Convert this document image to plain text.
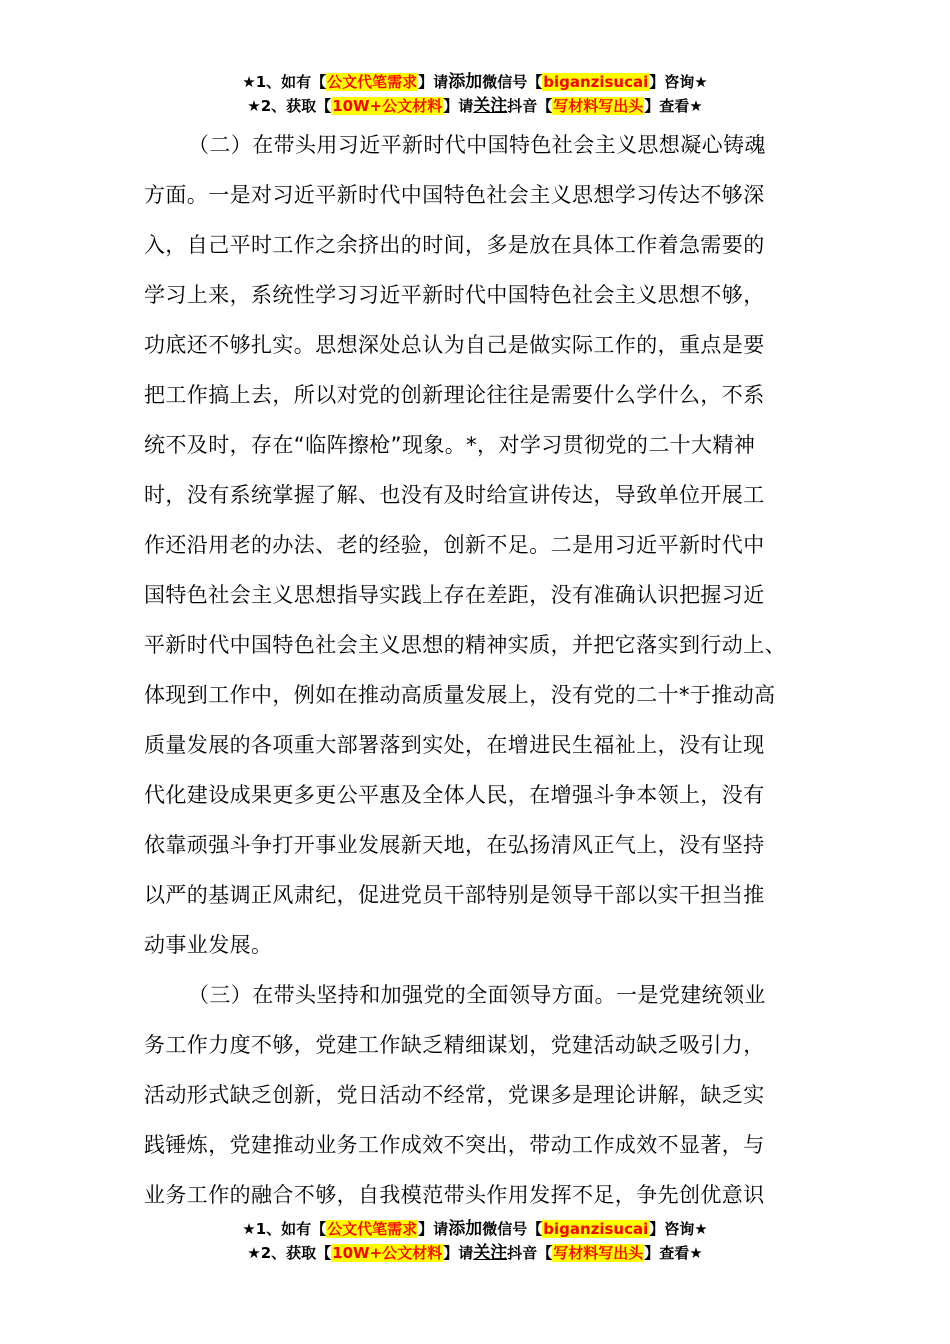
★1、如有【公文代笔需求】请添加微信号【biganzisucai】咨询★
★2、获取【10W+公文材料】请关注抖音【写材料写出头】查看★
（二）在带头用习近平新时代中国特色社会主义思想凝心铸魂
方面。一是对习近平新时代中国特色社会主义思想学习传达不够深
入，自己平时工作之余挤出的时间，多是放在具体工作着急需要的
学习上来，系统性学习习近平新时代中国特色社会主义思想不够，
功底还不够扎实。思想深处总认为自己是做实际工作的，重点是要
把工作搞上去，所以对党的创新理论往往是需要什么学什么，不系
统不及时，存在“临阵擦枪”现象。*，对学习贯彻党的二十大精神
时，没有系统掌握了解、也没有及时给宣讲传达，导致单位开展工
作还沿用老的办法、老的经验，创新不足。二是用习近平新时代中
国特色社会主义思想指导实践上存在差距，没有准确认识把握习近
平新时代中国特色社会主义思想的精神实质，并把它落实到行动上、
体现到工作中，例如在推动高质量发展上，没有党的二十*于推动高
质量发展的各项重大部署落到实处，在增进民生福祉上，没有让现
代化建设成果更多更公平惠及全体人民，在增强斗争本领上，没有
依靠顽强斗争打开事业发展新天地，在弘扬清风正气上，没有坚持
以严的基调正风肃纪，促进党员干部特别是领导干部以实干担当推
动事业发展。
（三）在带头坚持和加强党的全面领导方面。一是党建统领业
务工作力度不够，党建工作缺乏精细谋划，党建活动缺乏吸引力，
活动形式缺乏创新，党日活动不经常，党课多是理论讲解，缺乏实
践锤炼，党建推动业务工作成效不突出，带动工作成效不显著，与
业务工作的融合不够，自我模范带头作用发挥不足，争先创优意识
★1、如有【公文代笔需求】请添加微信号【biganzisucai】咨询★
★2、获取【10W+公文材料】请关注抖音【写材料写出头】查看★
